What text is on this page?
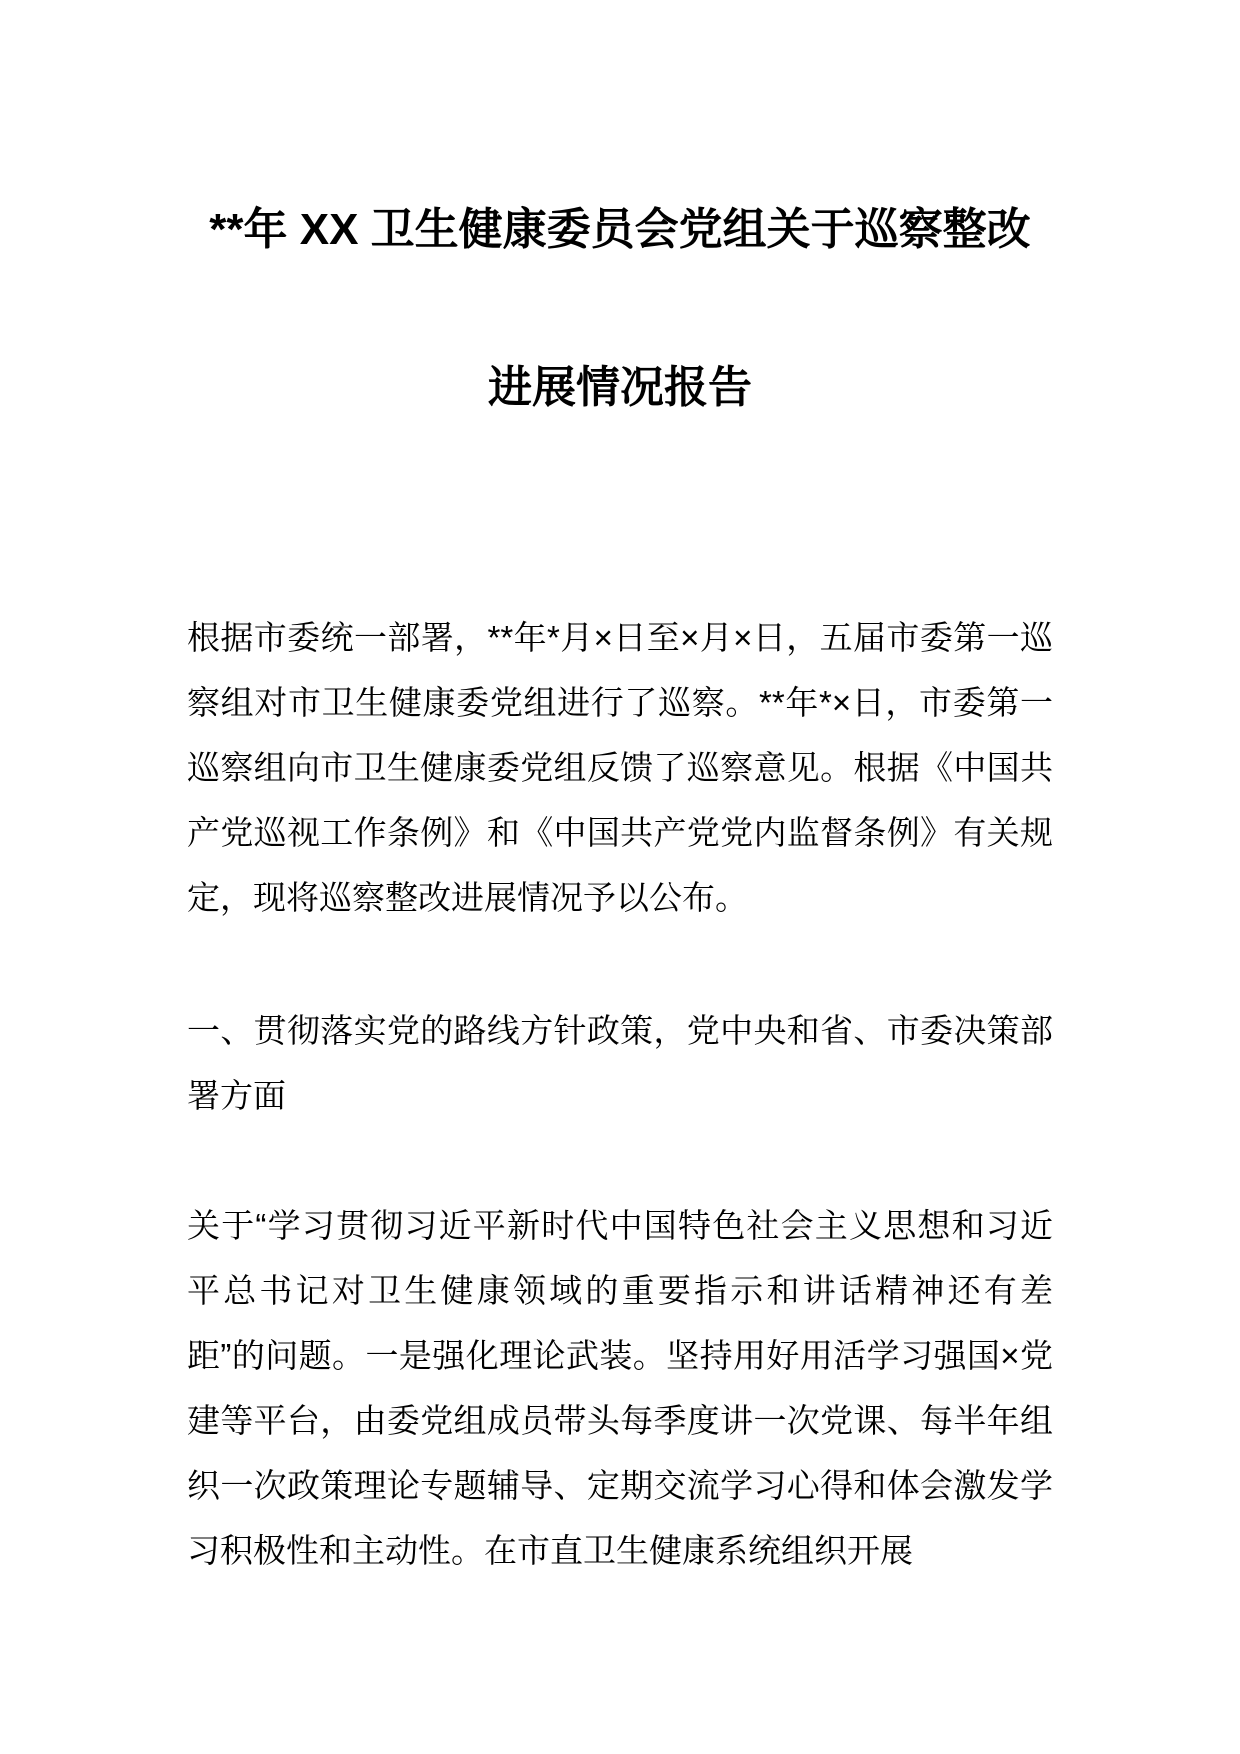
**年 XX 卫生健康委员会党组关于巡察整改
进展情况报告

根据市委统一部署，**年*月×日至×月×日，五届市委第一巡察组对市卫生健康委党组进行了巡察。**年*×日，市委第一巡察组向市卫生健康委党组反馈了巡察意见。根据《中国共产党巡视工作条例》和《中国共产党党内监督条例》有关规定，现将巡察整改进展情况予以公布。

一、贯彻落实党的路线方针政策，党中央和省、市委决策部署方面

关于“学习贯彻习近平新时代中国特色社会主义思想和习近平总书记对卫生健康领域的重要指示和讲话精神还有差距”的问题。一是强化理论武装。坚持用好用活学习强国×党建等平台，由委党组成员带头每季度讲一次党课、每半年组织一次政策理论专题辅导、定期交流学习心得和体会激发学习积极性和主动性。在市直卫生健康系统组织开展
